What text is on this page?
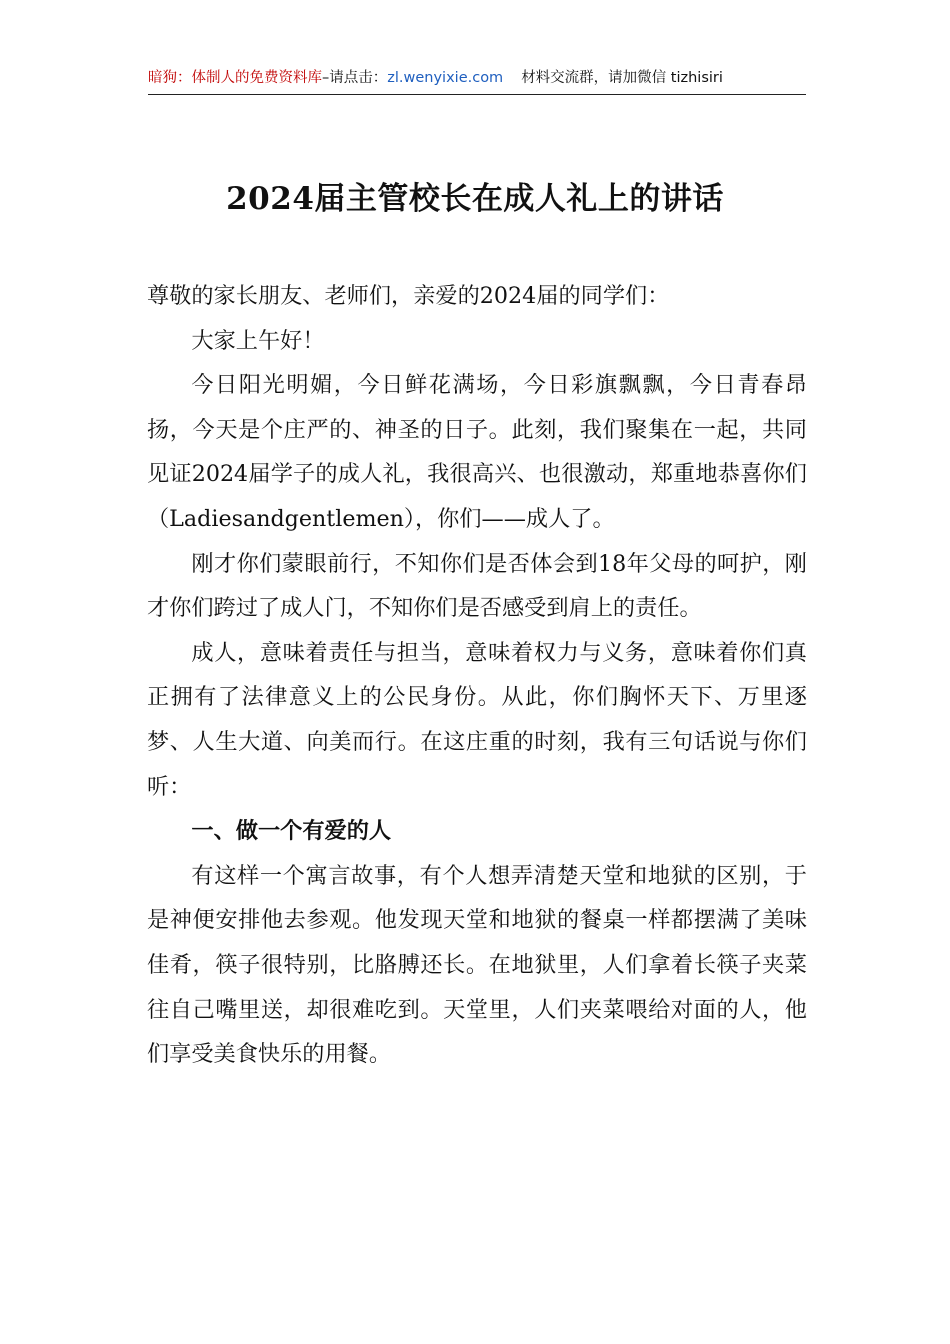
暗狗：体制人的免费资料库–请点击：zl.wenyixie.com 材料交流群，请加微信 tizhisiri
2024届主管校长在成人礼上的讲话

尊敬的家长朋友、老师们，亲爱的2024届的同学们：

大家上午好！

今日阳光明媚，今日鲜花满场，今日彩旗飘飘，今日青春昂扬，今天是个庄严的、神圣的日子。此刻，我们聚集在一起，共同见证2024届学子的成人礼，我很高兴、也很激动，郑重地恭喜你们（Ladiesandgentlemen），你们——成人了。

刚才你们蒙眼前行，不知你们是否体会到18年父母的呵护，刚才你们跨过了成人门，不知你们是否感受到肩上的责任。

成人，意味着责任与担当，意味着权力与义务，意味着你们真正拥有了法律意义上的公民身份。从此，你们胸怀天下、万里逐梦、人生大道、向美而行。在这庄重的时刻，我有三句话说与你们听：

一、做一个有爱的人

有这样一个寓言故事，有个人想弄清楚天堂和地狱的区别，于是神便安排他去参观。他发现天堂和地狱的餐桌一样都摆满了美味佳肴，筷子很特别，比胳膊还长。在地狱里，人们拿着长筷子夹菜往自己嘴里送，却很难吃到。天堂里，人们夹菜喂给对面的人，他们享受美食快乐的用餐。
